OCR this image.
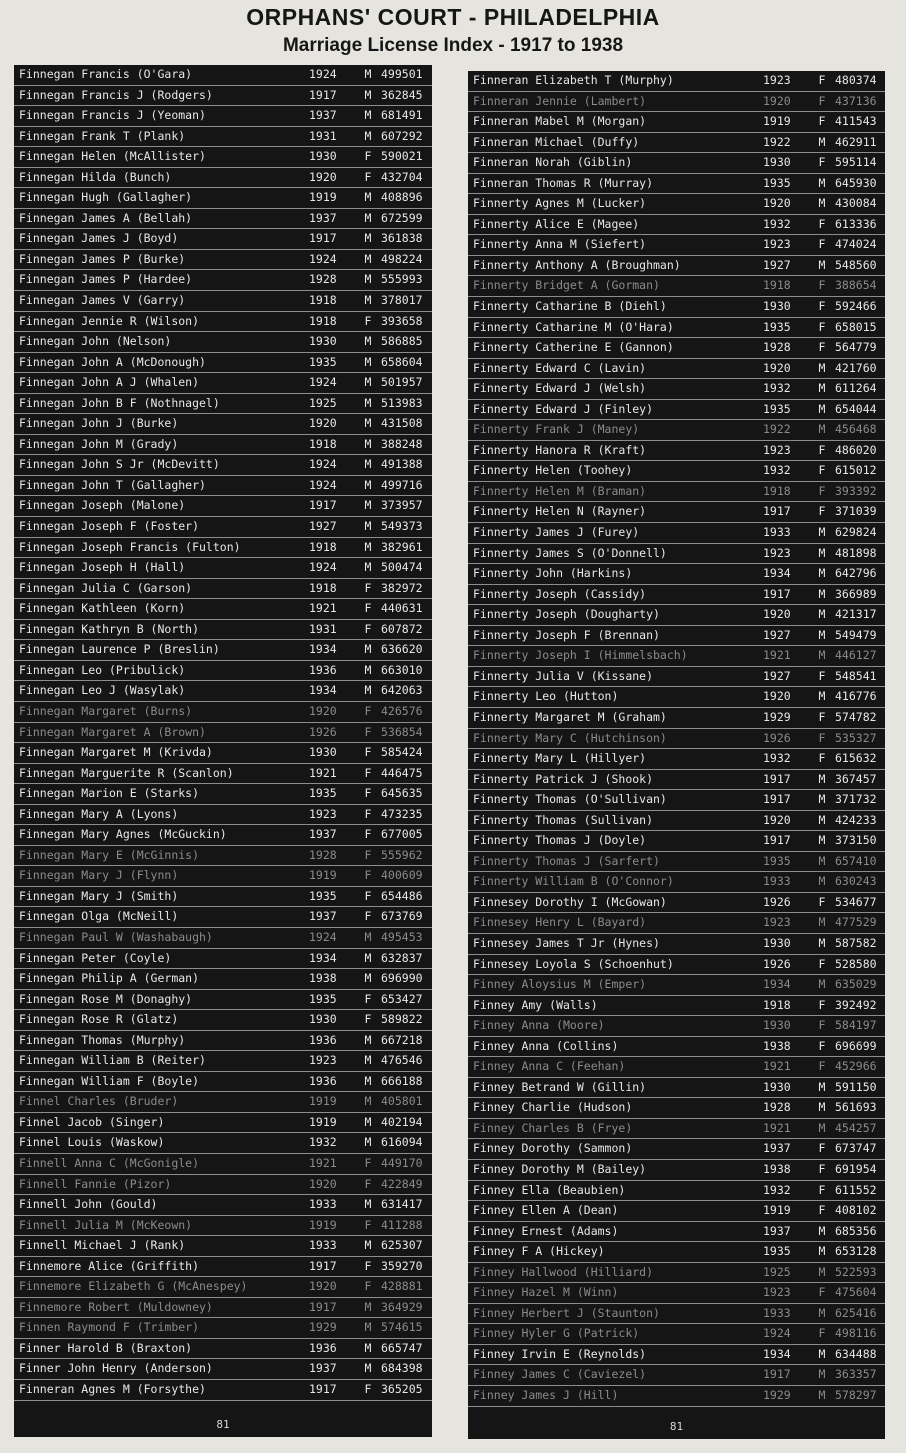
ORPHANS' COURT - PHILADELPHIA
Marriage License Index - 1917 to 1938
Finnegan Francis (O'Gara)	1924	M 499501
Finnegan Francis J (Rodgers)	1917	M 362845
Finnegan Francis J (Yeoman)	1937	M 681491
Finnegan Frank T (Plank)	1931	M 607292
Finnegan Helen (McAllister)	1930	F 590021
Finnegan Hilda (Bunch)	1920	F 432704
Finnegan Hugh (Gallagher)	1919	M 408896
Finnegan James A (Bellah)	1937	M 672599
Finnegan James J (Boyd)	1917	M 361838
Finnegan James P (Burke)	1924	M 498224
Finnegan James P (Hardee)	1928	M 555993
Finnegan James V (Garry)	1918	M 378017
Finnegan Jennie R (Wilson)	1918	F 393658
Finnegan John (Nelson)	1930	M 586885
Finnegan John A (McDonough)	1935	M 658604
Finnegan John A J (Whalen)	1924	M 501957
Finnegan John B F (Nothnagel)	1925	M 513983
Finnegan John J (Burke)	1920	M 431508
Finnegan John M (Grady)	1918	M 388248
Finnegan John S Jr (McDevitt)	1924	M 491388
Finnegan John T (Gallagher)	1924	M 499716
Finnegan Joseph (Malone)	1917	M 373957
Finnegan Joseph F (Foster)	1927	M 549373
Finnegan Joseph Francis (Fulton)	1918	M 382961
Finnegan Joseph H (Hall)	1924	M 500474
Finnegan Julia C (Garson)	1918	F 382972
Finnegan Kathleen (Korn)	1921	F 440631
Finnegan Kathryn B (North)	1931	F 607872
Finnegan Laurence P (Breslin)	1934	M 636620
Finnegan Leo (Pribulick)	1936	M 663010
Finnegan Leo J (Wasylak)	1934	M 642063
Finnegan Margaret (Burns)	1920	F 426576
Finnegan Margaret A (Brown)	1926	F 536854
Finnegan Margaret M (Krivda)	1930	F 585424
Finnegan Marguerite R (Scanlon)	1921	F 446475
Finnegan Marion E (Starks)	1935	F 645635
Finnegan Mary A (Lyons)	1923	F 473235
Finnegan Mary Agnes (McGuckin)	1937	F 677005
Finnegan Mary E (McGinnis)	1928	F 555962
Finnegan Mary J (Flynn)	1919	F 400609
Finnegan Mary J (Smith)	1935	F 654486
Finnegan Olga (McNeill)	1937	F 673769
Finnegan Paul W (Washabaugh)	1924	M 495453
Finnegan Peter (Coyle)	1934	M 632837
Finnegan Philip A (German)	1938	M 696990
Finnegan Rose M (Donaghy)	1935	F 653427
Finnegan Rose R (Glatz)	1930	F 589822
Finnegan Thomas (Murphy)	1936	M 667218
Finnegan William B (Reiter)	1923	M 476546
Finnegan William F (Boyle)	1936	M 666188
Finnel Charles (Bruder)	1919	M 405801
Finnel Jacob (Singer)	1919	M 402194
Finnel Louis (Waskow)	1932	M 616094
Finnell Anna C (McGonigle)	1921	F 449170
Finnell Fannie (Pizor)	1920	F 422849
Finnell John (Gould)	1933	M 631417
Finnell Julia M (McKeown)	1919	F 411288
Finnell Michael J (Rank)	1933	M 625307
Finnemore Alice (Griffith)	1917	F 359270
Finnemore Elizabeth G (McAnespey)	1920	F 428881
Finnemore Robert (Muldowney)	1917	M 364929
Finnen Raymond F (Trimber)	1929	M 574615
Finner Harold B (Braxton)	1936	M 665747
Finner John Henry (Anderson)	1937	M 684398
Finneran Agnes M (Forsythe)	1917	F 365205
81
Finneran Elizabeth T (Murphy)	1923	F 480374
Finneran Jennie (Lambert)	1920	F 437136
Finneran Mabel M (Morgan)	1919	F 411543
Finneran Michael (Duffy)	1922	M 462911
Finneran Norah (Giblin)	1930	F 595114
Finneran Thomas R (Murray)	1935	M 645930
Finnerty Agnes M (Lucker)	1920	M 430084
Finnerty Alice E (Magee)	1932	F 613336
Finnerty Anna M (Siefert)	1923	F 474024
Finnerty Anthony A (Broughman)	1927	M 548560
Finnerty Bridget A (Gorman)	1918	F 388654
Finnerty Catharine B (Diehl)	1930	F 592466
Finnerty Catharine M (O'Hara)	1935	F 658015
Finnerty Catherine E (Gannon)	1928	F 564779
Finnerty Edward C (Lavin)	1920	M 421760
Finnerty Edward J (Welsh)	1932	M 611264
Finnerty Edward J (Finley)	1935	M 654044
Finnerty Frank J (Maney)	1922	M 456468
Finnerty Hanora R (Kraft)	1923	F 486020
Finnerty Helen (Toohey)	1932	F 615012
Finnerty Helen M (Braman)	1918	F 393392
Finnerty Helen N (Rayner)	1917	F 371039
Finnerty James J (Furey)	1933	M 629824
Finnerty James S (O'Donnell)	1923	M 481898
Finnerty John (Harkins)	1934	M 642796
Finnerty Joseph (Cassidy)	1917	M 366989
Finnerty Joseph (Dougharty)	1920	M 421317
Finnerty Joseph F (Brennan)	1927	M 549479
Finnerty Joseph I (Himmelsbach)	1921	M 446127
Finnerty Julia V (Kissane)	1927	F 548541
Finnerty Leo (Hutton)	1920	M 416776
Finnerty Margaret M (Graham)	1929	F 574782
Finnerty Mary C (Hutchinson)	1926	F 535327
Finnerty Mary L (Hillyer)	1932	F 615632
Finnerty Patrick J (Shook)	1917	M 367457
Finnerty Thomas (O'Sullivan)	1917	M 371732
Finnerty Thomas (Sullivan)	1920	M 424233
Finnerty Thomas J (Doyle)	1917	M 373150
Finnerty Thomas J (Sarfert)	1935	M 657410
Finnerty William B (O'Connor)	1933	M 630243
Finnesey Dorothy I (McGowan)	1926	F 534677
Finnesey Henry L (Bayard)	1923	M 477529
Finnesey James T Jr (Hynes)	1930	M 587582
Finnesey Loyola S (Schoenhut)	1926	F 528580
Finney Aloysius M (Emper)	1934	M 635029
Finney Amy (Walls)	1918	F 392492
Finney Anna (Moore)	1930	F 584197
Finney Anna (Collins)	1938	F 696699
Finney Anna C (Feehan)	1921	F 452966
Finney Betrand W (Gillin)	1930	M 591150
Finney Charlie (Hudson)	1928	M 561693
Finney Charles B (Frye)	1921	M 454257
Finney Dorothy (Sammon)	1937	F 673747
Finney Dorothy M (Bailey)	1938	F 691954
Finney Ella (Beaubien)	1932	F 611552
Finney Ellen A (Dean)	1919	F 408102
Finney Ernest (Adams)	1937	M 685356
Finney F A (Hickey)	1935	M 653128
Finney Hallwood (Hilliard)	1925	M 522593
Finney Hazel M (Winn)	1923	F 475604
Finney Herbert J (Staunton)	1933	M 625416
Finney Hyler G (Patrick)	1924	F 498116
Finney Irvin E (Reynolds)	1934	M 634488
Finney James C (Caviezel)	1917	M 363357
Finney James J (Hill)	1929	M 578297
81
